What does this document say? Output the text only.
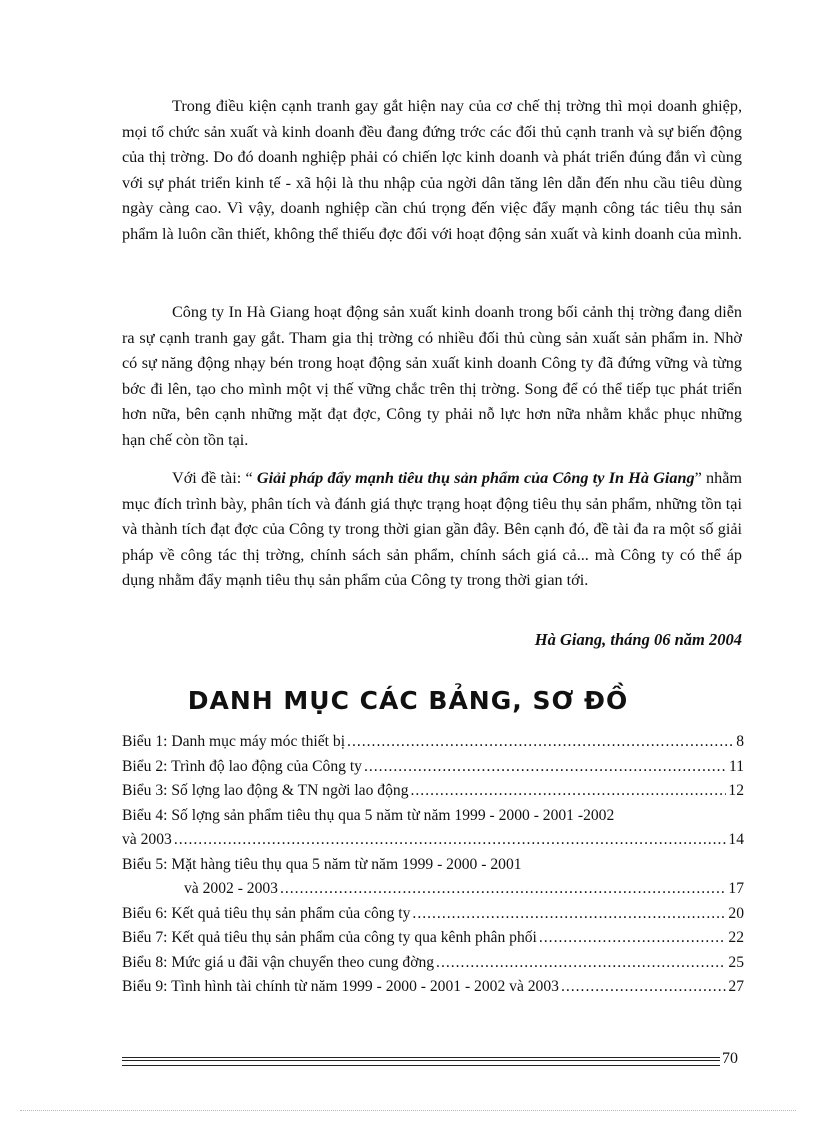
Trong điều kiện cạnh tranh gay gắt hiện nay của cơ chế thị trờng thì mọi doanh ghiệp, mọi tổ chức sản xuất và kinh doanh đều đang đứng trớc các đối thủ cạnh tranh và sự biến động của thị trờng. Do đó doanh nghiệp phải có chiến lợc kinh doanh và phát triển đúng đắn vì cùng với sự phát triển kinh tế - xã hội là thu nhập của ngời dân tăng lên dẫn đến nhu cầu tiêu dùng ngày càng cao. Vì vậy, doanh nghiệp cần chú trọng đến việc đẩy mạnh công tác tiêu thụ sản phẩm là luôn cần thiết, không thể thiếu đợc đối với hoạt động sản xuất và kinh doanh của mình.

Công ty In Hà Giang hoạt động sản xuất kinh doanh trong bối cảnh thị trờng đang diễn ra sự cạnh tranh gay gắt. Tham gia thị trờng có nhiều đối thủ cùng sản xuất sản phẩm in. Nhờ có sự năng động nhạy bén trong hoạt động sản xuất kinh doanh Công ty đã đứng vững và từng bớc đi lên, tạo cho mình một vị thế vững chắc trên thị trờng. Song để có thể tiếp tục phát triển hơn nữa, bên cạnh những mặt đạt đợc, Công ty phải nỗ lực hơn nữa nhằm khắc phục những hạn chế còn tồn tại.

Với đề tài: “ Giải pháp đẩy mạnh tiêu thụ sản phẩm của Công ty In Hà Giang” nhằm mục đích trình bày, phân tích và đánh giá thực trạng hoạt động tiêu thụ sản phẩm, những tồn tại và thành tích đạt đợc của Công ty trong thời gian gần đây. Bên cạnh đó, đề tài đa ra một số giải pháp về công tác thị trờng, chính sách sản phẩm, chính sách giá cả... mà Công ty có thể áp dụng nhằm đẩy mạnh tiêu thụ sản phẩm của Công ty trong thời gian tới.

Hà Giang, tháng 06 năm 2004

DANH MỤC CÁC BẢNG, SƠ ĐỒ
Biểu 1: Danh mục máy móc thiết bị .....	8
Biểu 2: Trình độ lao động của Công ty .....	11
Biểu 3: Số lợng lao động & TN ngời lao động .....	12
Biểu 4: Số lợng sản phẩm tiêu thụ qua 5 năm từ năm 1999 - 2000 - 2001 -2002
và 2003 .....	14
Biểu 5: Mặt hàng tiêu thụ qua 5 năm từ năm 1999 - 2000 - 2001
và 2002 - 2003 .....	17
Biểu 6: Kết quả tiêu thụ sản phẩm của công ty .....	20
Biểu 7: Kết quả tiêu thụ sản phẩm của công ty qua kênh phân phối .....	22
Biểu 8: Mức giá u đãi vận chuyển theo cung đờng .....	25
Biểu 9: Tình hình tài chính từ năm 1999 - 2000 - 2001 - 2002 và 2003 .....	27

70
